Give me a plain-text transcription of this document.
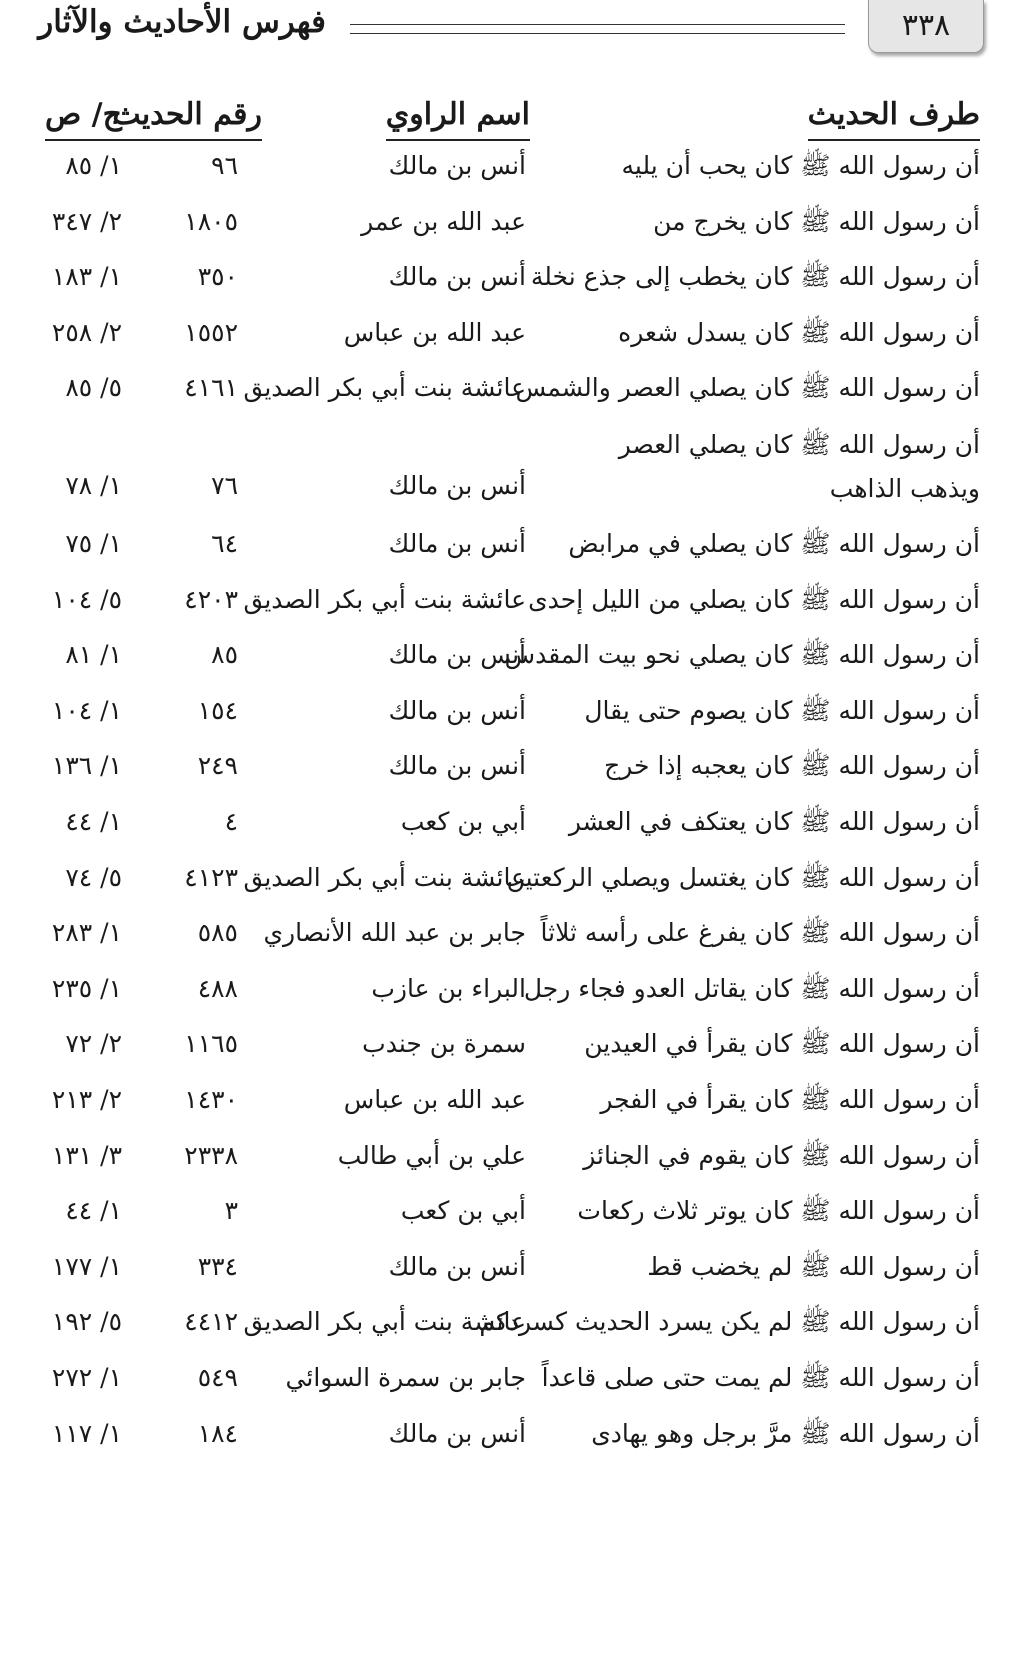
٣٣٨
فهرس الأحاديث والآثار
طرف الحديث
اسم الراوي
رقم الحديث
ج/ ص
أن رسول الله ﷺ كان يحب أن يليه
أنس بن مالك
٩٦
١/ ٨٥
أن رسول الله ﷺ كان يخرج من
عبد الله بن عمر
١٨٠٥
٢/ ٣٤٧
أن رسول الله ﷺ كان يخطب إلى جذع نخلة
أنس بن مالك
٣٥٠
١/ ١٨٣
أن رسول الله ﷺ كان يسدل شعره
عبد الله بن عباس
١٥٥٢
٢/ ٢٥٨
أن رسول الله ﷺ كان يصلي العصر والشمس
عائشة بنت أبي بكر الصديق
٤١٦١
٥/ ٨٥
أن رسول الله ﷺ كان يصلي العصر ويذهب الذاهب
أنس بن مالك
٧٦
١/ ٧٨
أن رسول الله ﷺ كان يصلي في مرابض
أنس بن مالك
٦٤
١/ ٧٥
أن رسول الله ﷺ كان يصلي من الليل إحدى
عائشة بنت أبي بكر الصديق
٤٢٠٣
٥/ ١٠٤
أن رسول الله ﷺ كان يصلي نحو بيت المقدس
أنس بن مالك
٨٥
١/ ٨١
أن رسول الله ﷺ كان يصوم حتى يقال
أنس بن مالك
١٥٤
١/ ١٠٤
أن رسول الله ﷺ كان يعجبه إذا خرج
أنس بن مالك
٢٤٩
١/ ١٣٦
أن رسول الله ﷺ كان يعتكف في العشر
أبي بن كعب
٤
١/ ٤٤
أن رسول الله ﷺ كان يغتسل ويصلي الركعتين
عائشة بنت أبي بكر الصديق
٤١٢٣
٥/ ٧٤
أن رسول الله ﷺ كان يفرغ على رأسه ثلاثاً
جابر بن عبد الله الأنصاري
٥٨٥
١/ ٢٨٣
أن رسول الله ﷺ كان يقاتل العدو فجاء رجل
البراء بن عازب
٤٨٨
١/ ٢٣٥
أن رسول الله ﷺ كان يقرأ في العيدين
سمرة بن جندب
١١٦٥
٢/ ٧٢
أن رسول الله ﷺ كان يقرأ في الفجر
عبد الله بن عباس
١٤٣٠
٢/ ٢١٣
أن رسول الله ﷺ كان يقوم في الجنائز
علي بن أبي طالب
٢٣٣٨
٣/ ١٣١
أن رسول الله ﷺ كان يوتر ثلاث ركعات
أبي بن كعب
٣
١/ ٤٤
أن رسول الله ﷺ لم يخضب قط
أنس بن مالك
٣٣٤
١/ ١٧٧
أن رسول الله ﷺ لم يكن يسرد الحديث كسردكم
عائشة بنت أبي بكر الصديق
٤٤١٢
٥/ ١٩٢
أن رسول الله ﷺ لم يمت حتى صلى قاعداً
جابر بن سمرة السوائي
٥٤٩
١/ ٢٧٢
أن رسول الله ﷺ مرَّ برجل وهو يهادى
أنس بن مالك
١٨٤
١/ ١١٧
